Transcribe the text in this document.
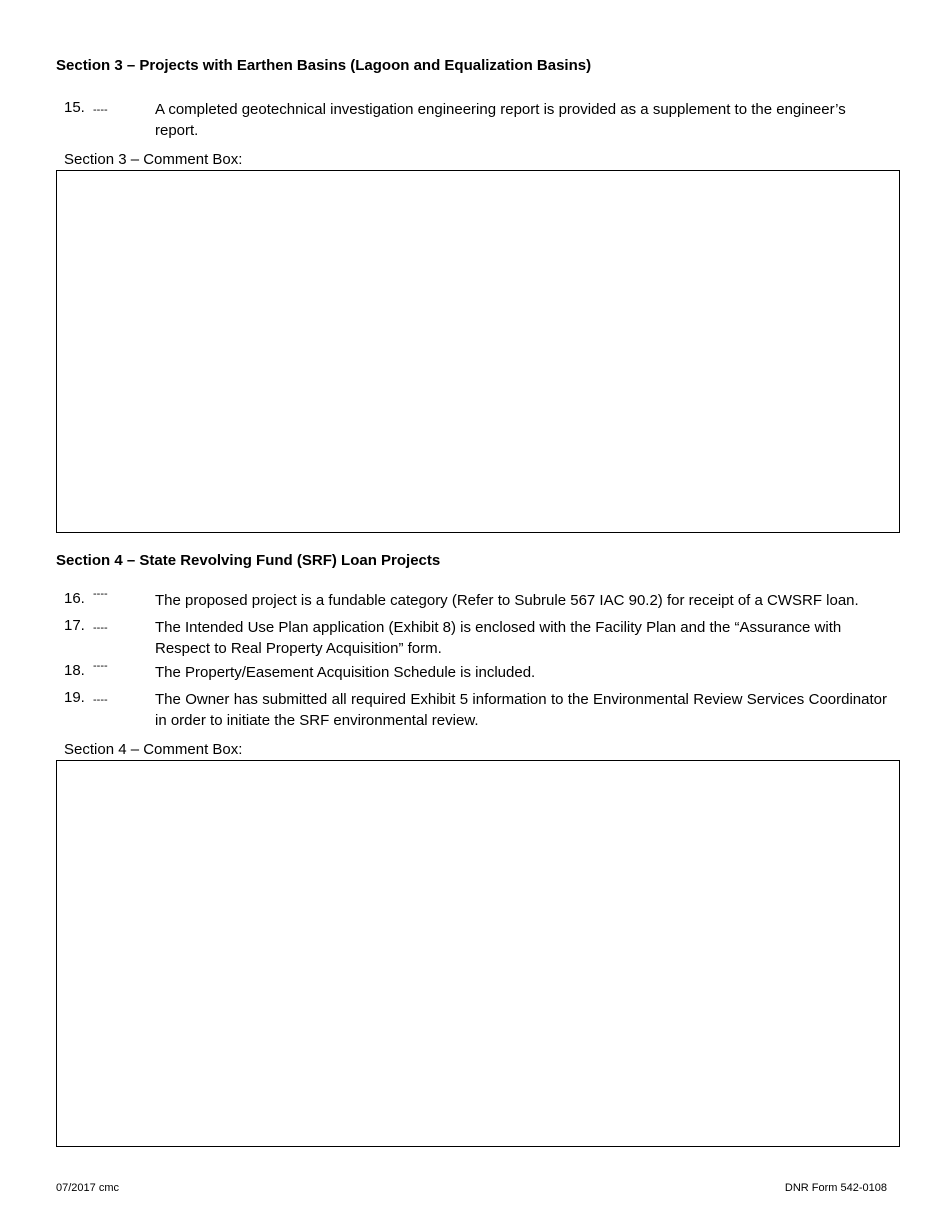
Section 3 – Projects with Earthen Basins (Lagoon and Equalization Basins)
15. ----	A completed geotechnical investigation engineering report is provided as a supplement to the engineer’s report.
Section 3 – Comment Box:
Section 4 – State Revolving Fund (SRF) Loan Projects
16. ----	The proposed project is a fundable category (Refer to Subrule 567 IAC 90.2) for receipt of a CWSRF loan.
17. ----	The Intended Use Plan application (Exhibit 8) is enclosed with the Facility Plan and the “Assurance with Respect to Real Property Acquisition” form.
18. ----	The Property/Easement Acquisition Schedule is included.
19. ----	The Owner has submitted all required Exhibit 5 information to the Environmental Review Services Coordinator in order to initiate the SRF environmental review.
Section 4 – Comment Box:
07/2017 cmc	DNR Form 542-0108
